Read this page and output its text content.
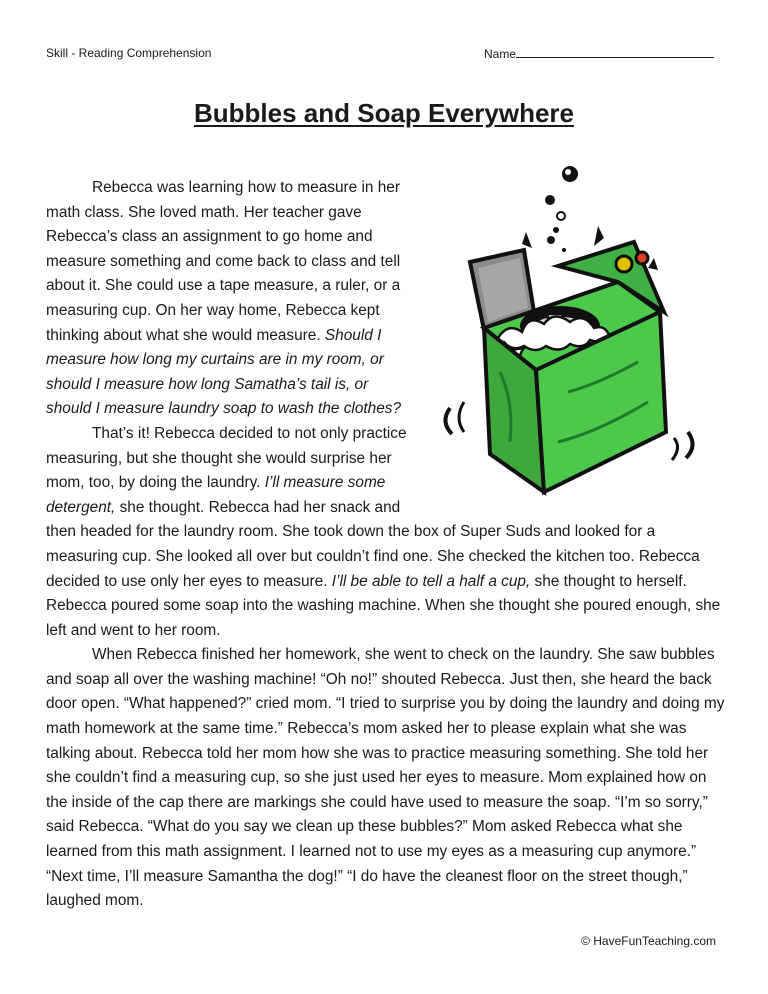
Skill - Reading Comprehension	Name
Bubbles and Soap Everywhere

Rebecca was learning how to measure in her math class. She loved math. Her teacher gave Rebecca’s class an assignment to go home and measure something and come back to class and tell about it. She could use a tape measure, a ruler, or a measuring cup. On her way home, Rebecca kept thinking about what she would measure. Should I measure how long my curtains are in my room, or should I measure how long Samatha’s tail is, or should I measure laundry soap to wash the clothes?

That’s it! Rebecca decided to not only practice measuring, but she thought she would surprise her mom, too, by doing the laundry. I’ll measure some detergent, she thought. Rebecca had her snack and then headed for the laundry room. She took down the box of Super Suds and looked for a measuring cup. She looked all over but couldn’t find one. She checked the kitchen too. Rebecca decided to use only her eyes to measure. I’ll be able to tell a half a cup, she thought to herself. Rebecca poured some soap into the washing machine. When she thought she poured enough, she left and went to her room.

When Rebecca finished her homework, she went to check on the laundry. She saw bubbles and soap all over the washing machine! “Oh no!” shouted Rebecca. Just then, she heard the back door open. “What happened?” cried mom. “I tried to surprise you by doing the laundry and doing my math homework at the same time.” Rebecca’s mom asked her to please explain what she was talking about. Rebecca told her mom how she was to practice measuring something. She told her she couldn’t find a measuring cup, so she just used her eyes to measure. Mom explained how on the inside of the cap there are markings she could have used to measure the soap. “I’m so sorry,” said Rebecca. “What do you say we clean up these bubbles?” Mom asked Rebecca what she learned from this math assignment. I learned not to use my eyes as a measuring cup anymore.” “Next time, I’ll measure Samantha the dog!” “I do have the cleanest floor on the street though,” laughed mom.

© HaveFunTeaching.com
